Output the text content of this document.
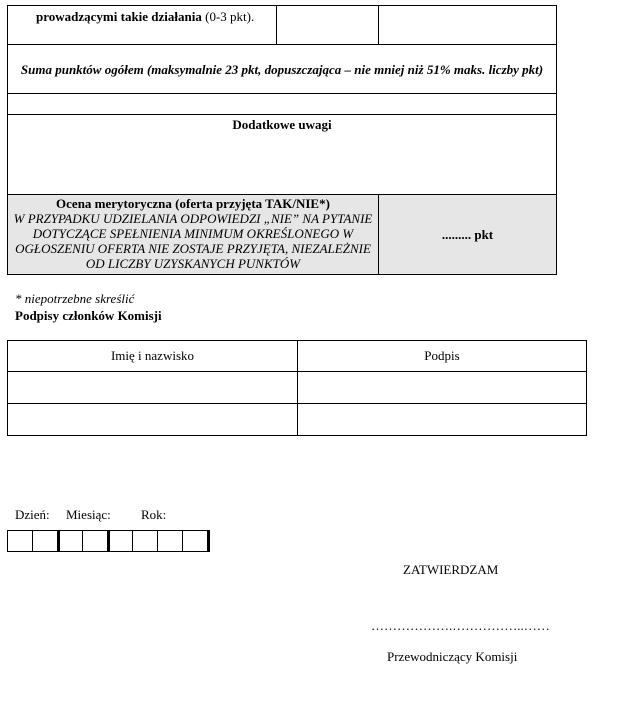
prowadzącymi takie działania (0-3 pkt).		
Suma punktów ogółem (maksymalnie 23 pkt, dopuszczająca – nie mniej niż 51% maks. liczby pkt)		

Dodatkowe uwagi		

Ocena merytoryczna (oferta przyjęta TAK/NIE*)
W PRZYPADKU UDZIELANIA ODPOWIEDZI „NIE” NA PYTANIE DOTYCZĄCE SPEŁNIENIA MINIMUM OKREŚLONEGO W OGŁOSZENIU OFERTA NIE ZOSTAJE PRZYJĘTA, NIEZALEŻNIE OD LICZBY UZYSKANYCH PUNKTÓW		......... pkt
* niepotrzebne skreślić
Podpisy członków Komisji
Imię i nazwisko	Podpis

Dzień: Miesiąc: Rok:
ZATWIERDZAM
……………….……………..……
Przewodniczący Komisji
